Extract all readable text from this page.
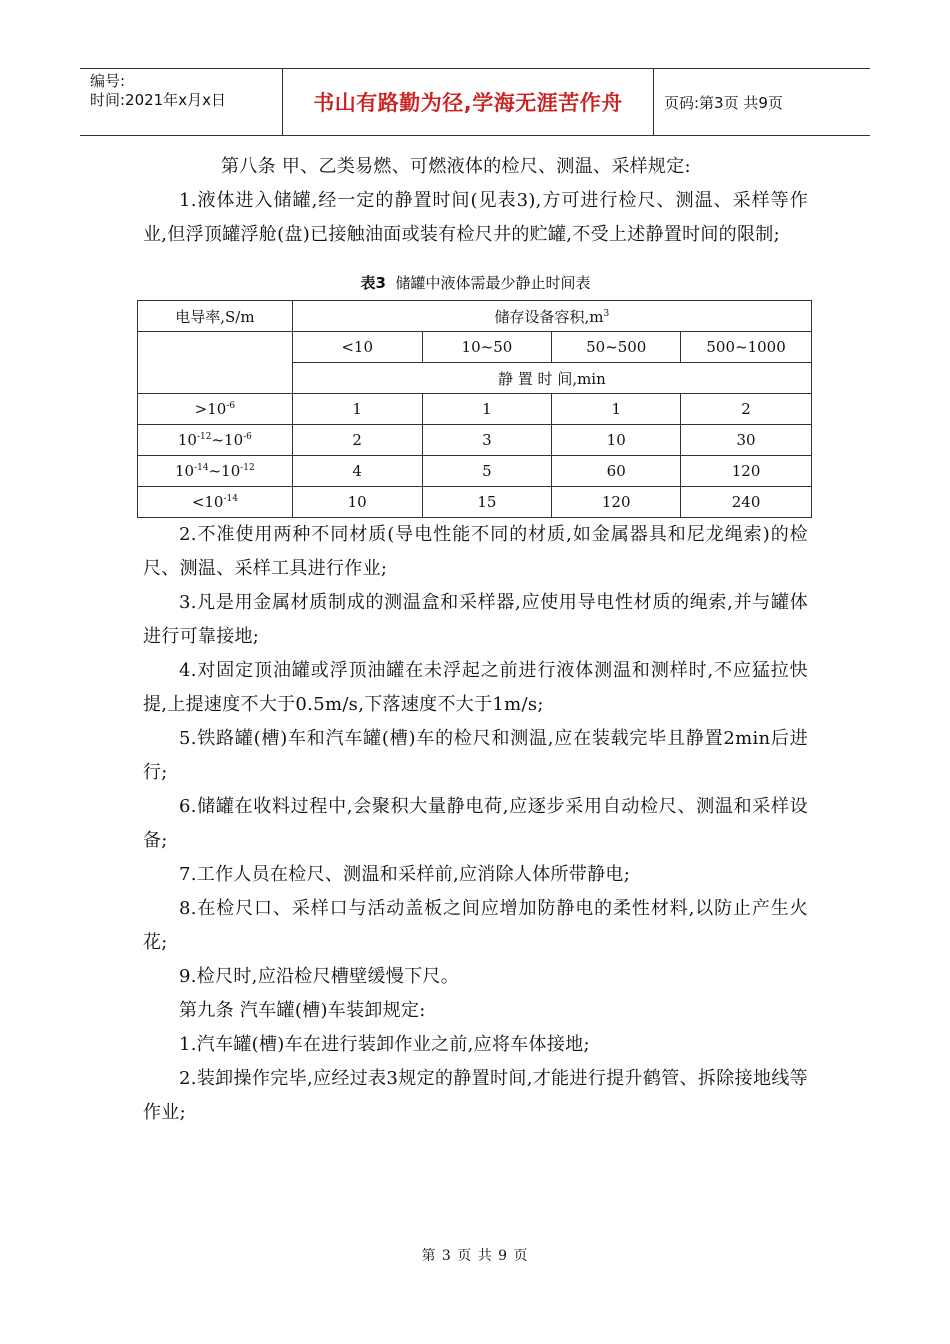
编号:
时间:2021年x月x日	书山有路勤为径,学海无涯苦作舟	页码:第3页 共9页

第八条 甲、乙类易燃、可燃液体的检尺、测温、采样规定:

1.液体进入储罐,经一定的静置时间(见表3),方可进行检尺、测温、采样等作业,但浮顶罐浮舱(盘)已接触油面或装有检尺井的贮罐,不受上述静置时间的限制;

表3 储罐中液体需最少静止时间表
电导率,S/m	储存设备容积$,m^3$
	<10	10~50	50~500	500~1000
	静 置 时 间,min			
$>10^{-6}$	1	1	1	2
$10^{-12}\sim 10^{-6}$	2	3	10	30
$10^{-14}\sim 10^{-12}$	4	5	60	120
$<10^{-14}$	10	15	120	240

2.不准使用两种不同材质(导电性能不同的材质,如金属器具和尼龙绳索)的检尺、测温、采样工具进行作业;

3.凡是用金属材质制成的测温盒和采样器,应使用导电性材质的绳索,并与罐体进行可靠接地;

4.对固定顶油罐或浮顶油罐在未浮起之前进行液体测温和测样时,不应猛拉快提,上提速度不大于0.5m/s,下落速度不大于1m/s;

5.铁路罐(槽)车和汽车罐(槽)车的检尺和测温,应在装载完毕且静置2min后进行;

6.储罐在收料过程中,会聚积大量静电荷,应逐步采用自动检尺、测温和采样设备;

7.工作人员在检尺、测温和采样前,应消除人体所带静电;

8.在检尺口、采样口与活动盖板之间应增加防静电的柔性材料,以防止产生火花;

9.检尺时,应沿检尺槽壁缓慢下尺。

第九条 汽车罐(槽)车装卸规定:

1.汽车罐(槽)车在进行装卸作业之前,应将车体接地;

2.装卸操作完毕,应经过表3规定的静置时间,才能进行提升鹤管、拆除接地线等作业;

第 3 页 共 9 页
